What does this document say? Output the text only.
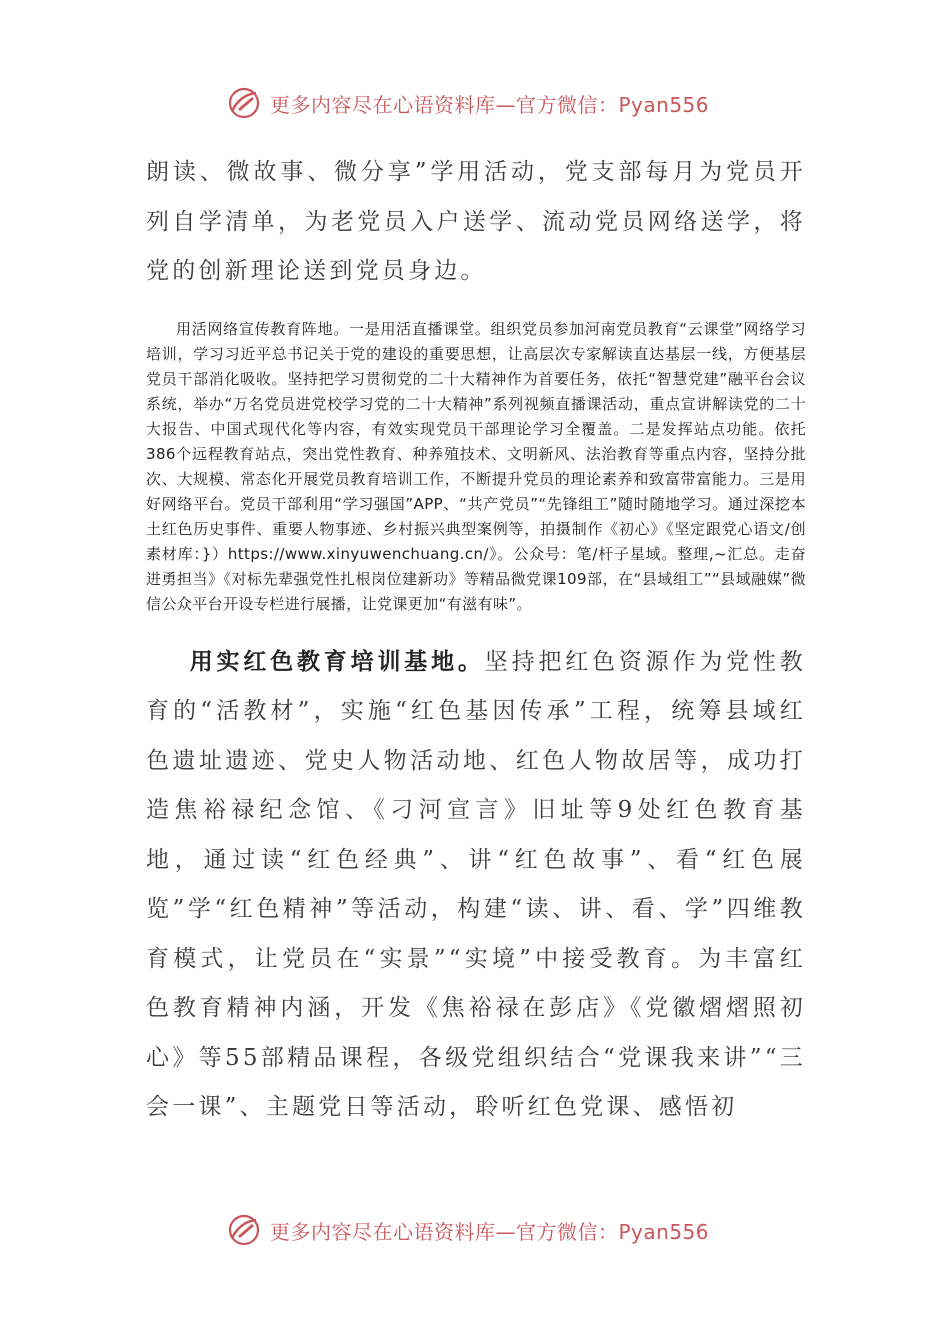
更多内容尽在心语资料库—官方微信：Pyan556

朗读、微故事、微分享”学用活动，党支部每月为党员开列自学清单，为老党员入户送学、流动党员网络送学，将党的创新理论送到党员身边。

用活网络宣传教育阵地。一是用活直播课堂。组织党员参加河南党员教育“云课堂”网络学习培训，学习习近平总书记关于党的建设的重要思想，让高层次专家解读直达基层一线，方便基层党员干部消化吸收。坚持把学习贯彻党的二十大精神作为首要任务，依托“智慧党建”融平台会议系统，举办“万名党员进党校学习党的二十大精神”系列视频直播课活动，重点宣讲解读党的二十大报告、中国式现代化等内容，有效实现党员干部理论学习全覆盖。二是发挥站点功能。依托386个远程教育站点，突出党性教育、种养殖技术、文明新风、法治教育等重点内容，坚持分批次、大规模、常态化开展党员教育培训工作，不断提升党员的理论素养和致富带富能力。三是用好网络平台。党员干部利用“学习强国”APP、“共产党员”“先锋组工”随时随地学习。通过深挖本土红色历史事件、重要人物事迹、乡村振兴典型案例等，拍摄制作《初心》《坚定跟党心语文/创素材库：}）https://www.xinyuwenchuang.cn/》。公众号：笔/杆子星域。整理,~汇总。走奋进勇担当》《对标先辈强党性扎根岗位建新功》等精品微党课109部，在“县域组工”“县域融媒”微信公众平台开设专栏进行展播，让党课更加“有滋有味”。

用实红色教育培训基地。坚持把红色资源作为党性教育的“活教材”，实施“红色基因传承”工程，统筹县域红色遗址遗迹、党史人物活动地、红色人物故居等，成功打造焦裕禄纪念馆、《刁河宣言》旧址等9处红色教育基地，通过读“红色经典”、讲“红色故事”、看“红色展览”学“红色精神”等活动，构建“读、讲、看、学”四维教育模式，让党员在“实景”“实境”中接受教育。为丰富红色教育精神内涵，开发《焦裕禄在彭店》《党徽熠熠照初心》等55部精品课程，各级党组织结合“党课我来讲”“三会一课”、主题党日等活动，聆听红色党课、感悟初

更多内容尽在心语资料库—官方微信：Pyan556
